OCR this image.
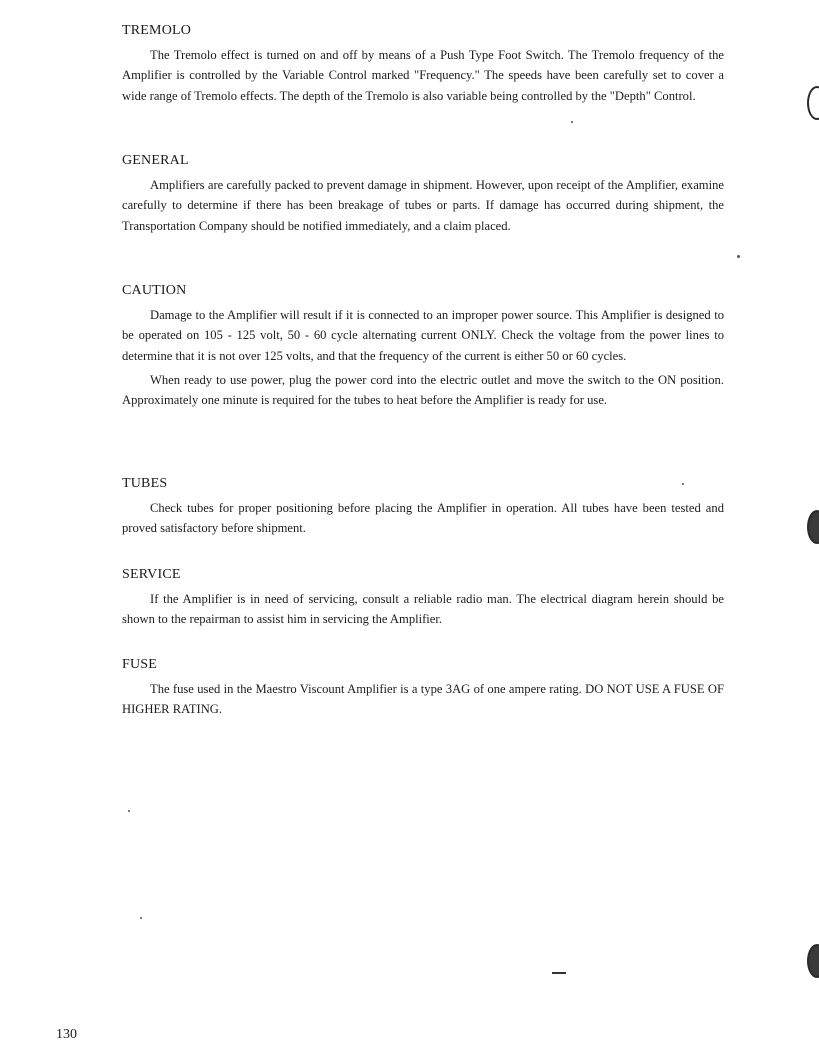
TREMOLO

The Tremolo effect is turned on and off by means of a Push Type Foot Switch. The Tremolo frequency of the Amplifier is controlled by the Variable Control marked "Frequency." The speeds have been carefully set to cover a wide range of Tremolo effects. The depth of the Tremolo is also variable being controlled by the "Depth" Control.

GENERAL

Amplifiers are carefully packed to prevent damage in shipment. However, upon receipt of the Amplifier, examine carefully to determine if there has been breakage of tubes or parts. If damage has occurred during shipment, the Transportation Company should be notified immediately, and a claim placed.

CAUTION

Damage to the Amplifier will result if it is connected to an improper power source. This Amplifier is designed to be operated on 105 - 125 volt, 50 - 60 cycle alternating current ONLY. Check the voltage from the power lines to determine that it is not over 125 volts, and that the frequency of the current is either 50 or 60 cycles.

When ready to use power, plug the power cord into the electric outlet and move the switch to the ON position. Approximately one minute is required for the tubes to heat before the Amplifier is ready for use.

TUBES

Check tubes for proper positioning before placing the Amplifier in operation. All tubes have been tested and proved satisfactory before shipment.

SERVICE

If the Amplifier is in need of servicing, consult a reliable radio man. The electrical diagram herein should be shown to the repairman to assist him in servicing the Amplifier.

FUSE

The fuse used in the Maestro Viscount Amplifier is a type 3AG of one ampere rating. DO NOT USE A FUSE OF HIGHER RATING.

130
